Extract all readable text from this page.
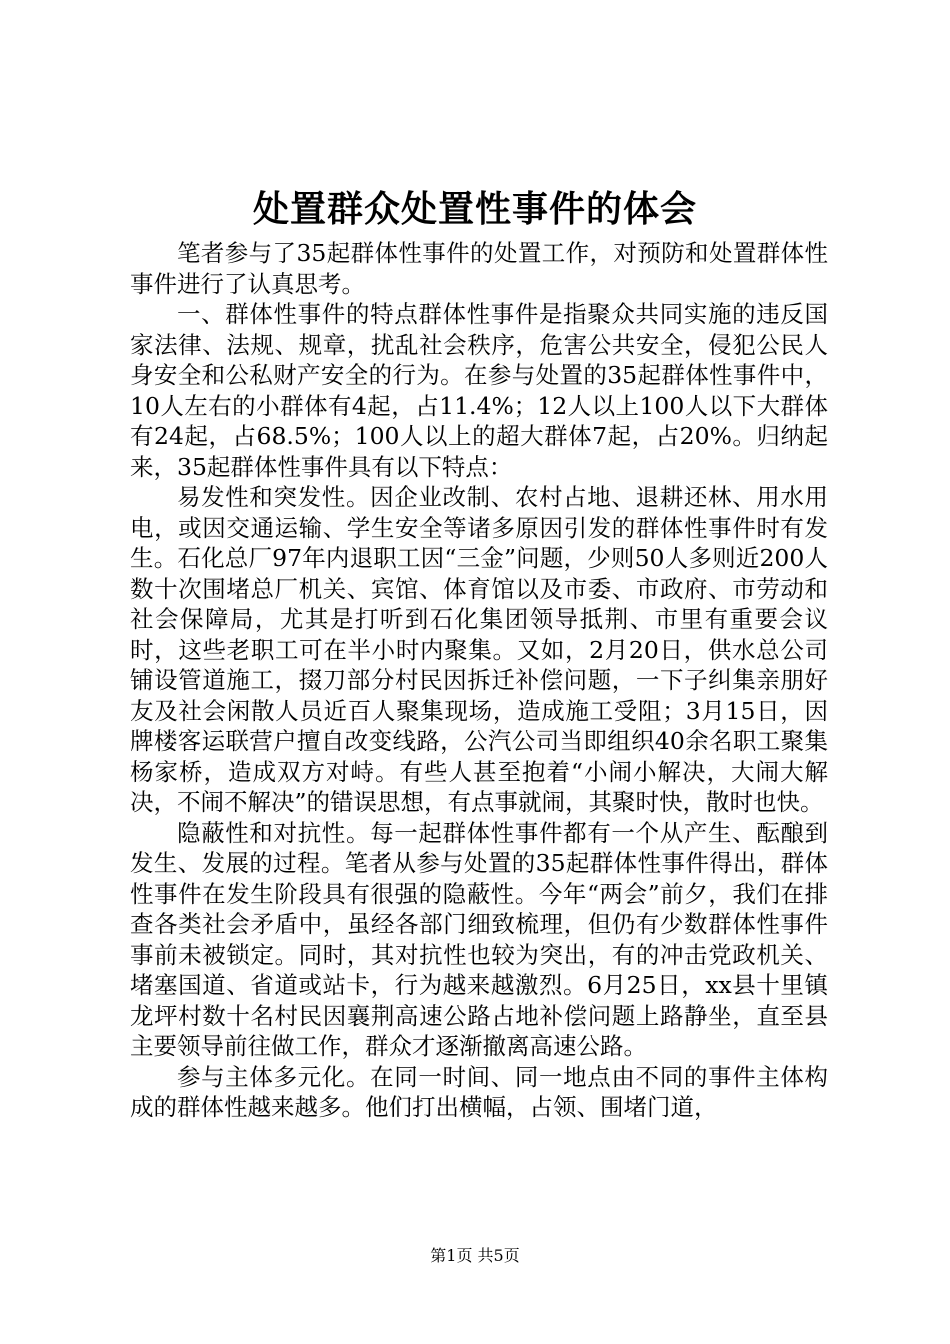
处置群众处置性事件的体会

笔者参与了35起群体性事件的处置工作，对预防和处置群体性事件进行了认真思考。

一、群体性事件的特点群体性事件是指聚众共同实施的违反国家法律、法规、规章，扰乱社会秩序，危害公共安全，侵犯公民人身安全和公私财产安全的行为。在参与处置的35起群体性事件中，10人左右的小群体有4起，占11.4%；12人以上100人以下大群体有24起，占68.5%；100人以上的超大群体7起，占20%。归纳起来，35起群体性事件具有以下特点：

易发性和突发性。因企业改制、农村占地、退耕还林、用水用电，或因交通运输、学生安全等诸多原因引发的群体性事件时有发生。石化总厂97年内退职工因“三金”问题，少则50人多则近200人数十次围堵总厂机关、宾馆、体育馆以及市委、市政府、市劳动和社会保障局，尤其是打听到石化集团领导抵荆、市里有重要会议时，这些老职工可在半小时内聚集。又如，2月20日，供水总公司铺设管道施工，掇刀部分村民因拆迁补偿问题，一下子纠集亲朋好友及社会闲散人员近百人聚集现场，造成施工受阻；3月15日，因牌楼客运联营户擅自改变线路，公汽公司当即组织40余名职工聚集杨家桥，造成双方对峙。有些人甚至抱着“小闹小解决，大闹大解决，不闹不解决”的错误思想，有点事就闹，其聚时快，散时也快。

隐蔽性和对抗性。每一起群体性事件都有一个从产生、酝酿到发生、发展的过程。笔者从参与处置的35起群体性事件得出，群体性事件在发生阶段具有很强的隐蔽性。今年“两会”前夕，我们在排查各类社会矛盾中，虽经各部门细致梳理，但仍有少数群体性事件事前未被锁定。同时，其对抗性也较为突出，有的冲击党政机关、堵塞国道、省道或站卡，行为越来越激烈。6月25日，xx县十里镇龙坪村数十名村民因襄荆高速公路占地补偿问题上路静坐，直至县主要领导前往做工作，群众才逐渐撤离高速公路。

参与主体多元化。在同一时间、同一地点由不同的事件主体构成的群体性越来越多。他们打出横幅，占领、围堵门道，

第1页 共5页
